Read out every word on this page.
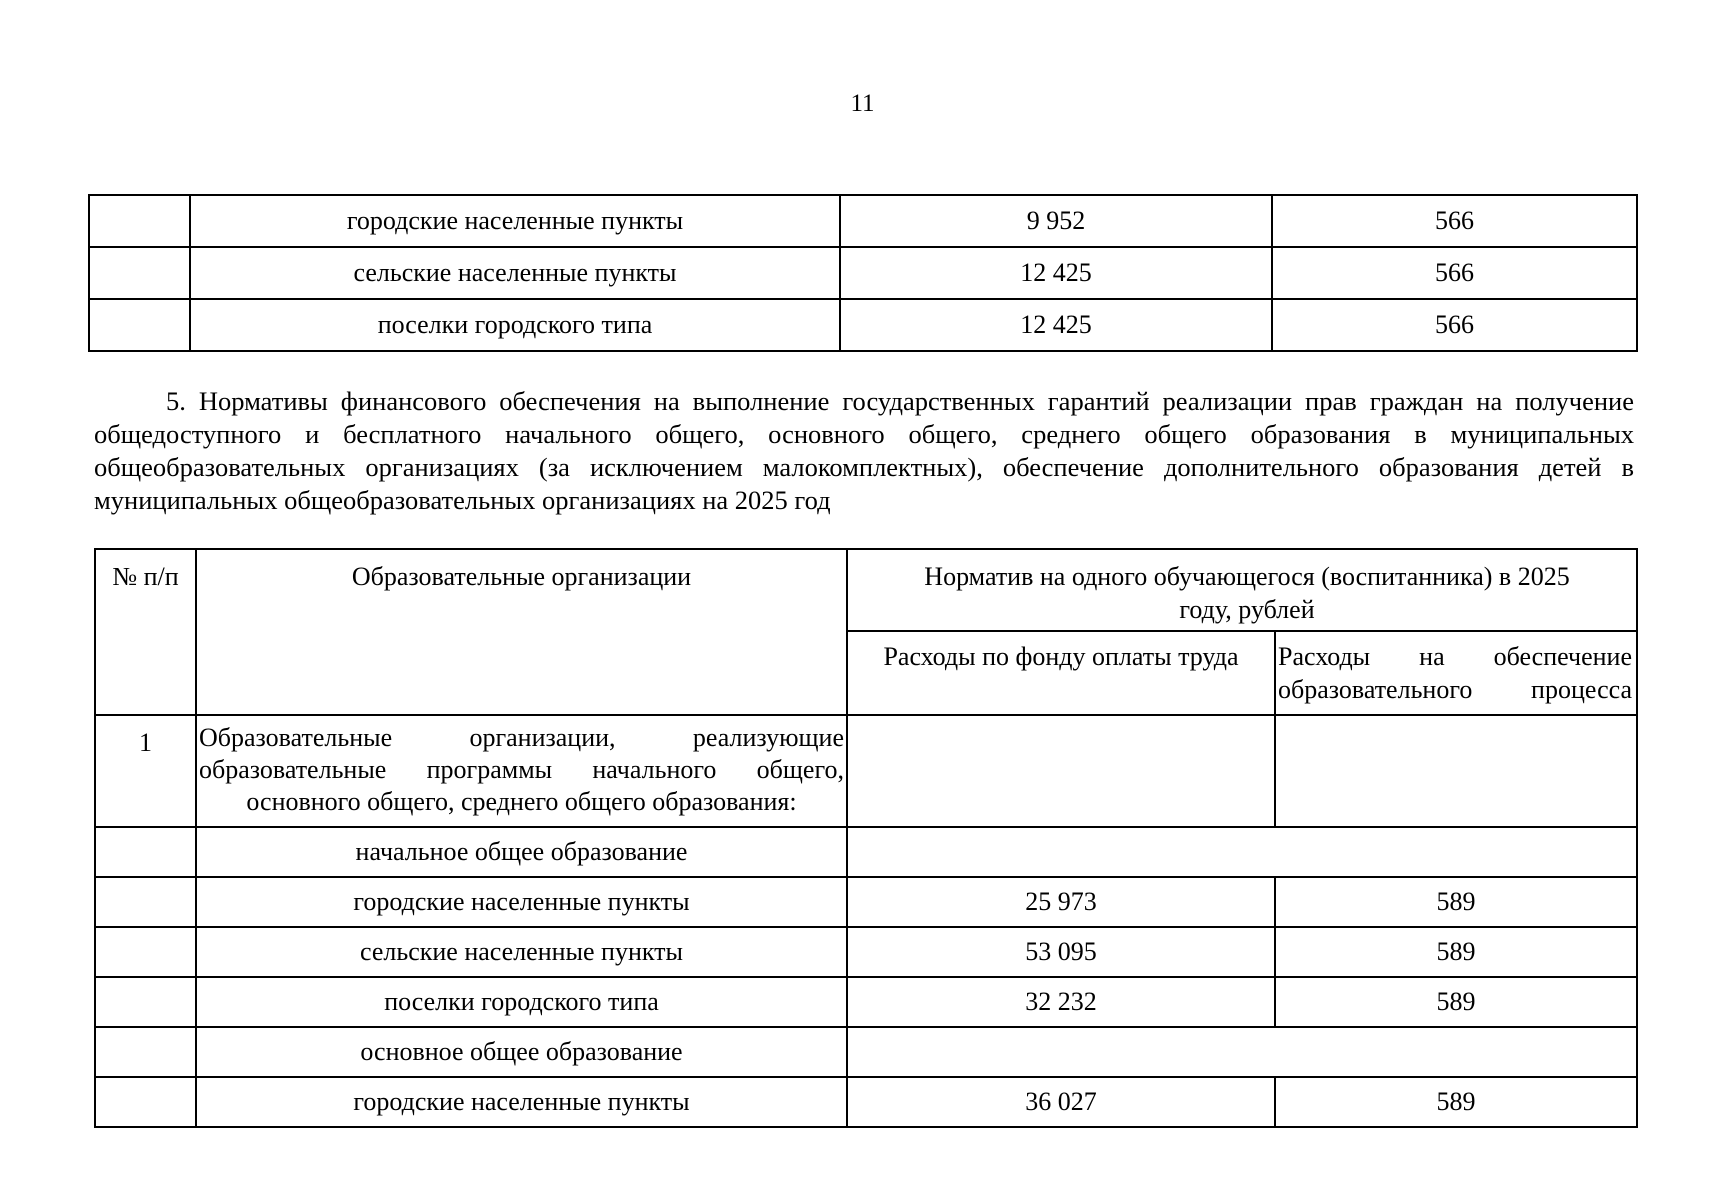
11
	городские населенные пункты	9 952	566
	сельские населенные пункты	12 425	566
	поселки городского типа	12 425	566

5. Нормативы финансового обеспечения на выполнение государственных гарантий реализации прав граждан на получение общедоступного и бесплатного начального общего, основного общего, среднего общего образования в муниципальных общеобразовательных организациях (за исключением малокомплектных), обеспечение дополнительного образования детей в муниципальных общеобразовательных организациях на 2025 год

№ п/п	Образовательные организации	Норматив на одного обучающегося (воспитанника) в 2025 году, рублей	
		Расходы по фонду оплаты труда	Расходы на обеспечение образовательного процесса
1	Образовательные организации, реализующие образовательные программы начального общего, основного общего, среднего общего образования:		
	начальное общее образование		
	городские населенные пункты	25 973	589
	сельские населенные пункты	53 095	589
	поселки городского типа	32 232	589
	основное общее образование		
	городские населенные пункты	36 027	589
